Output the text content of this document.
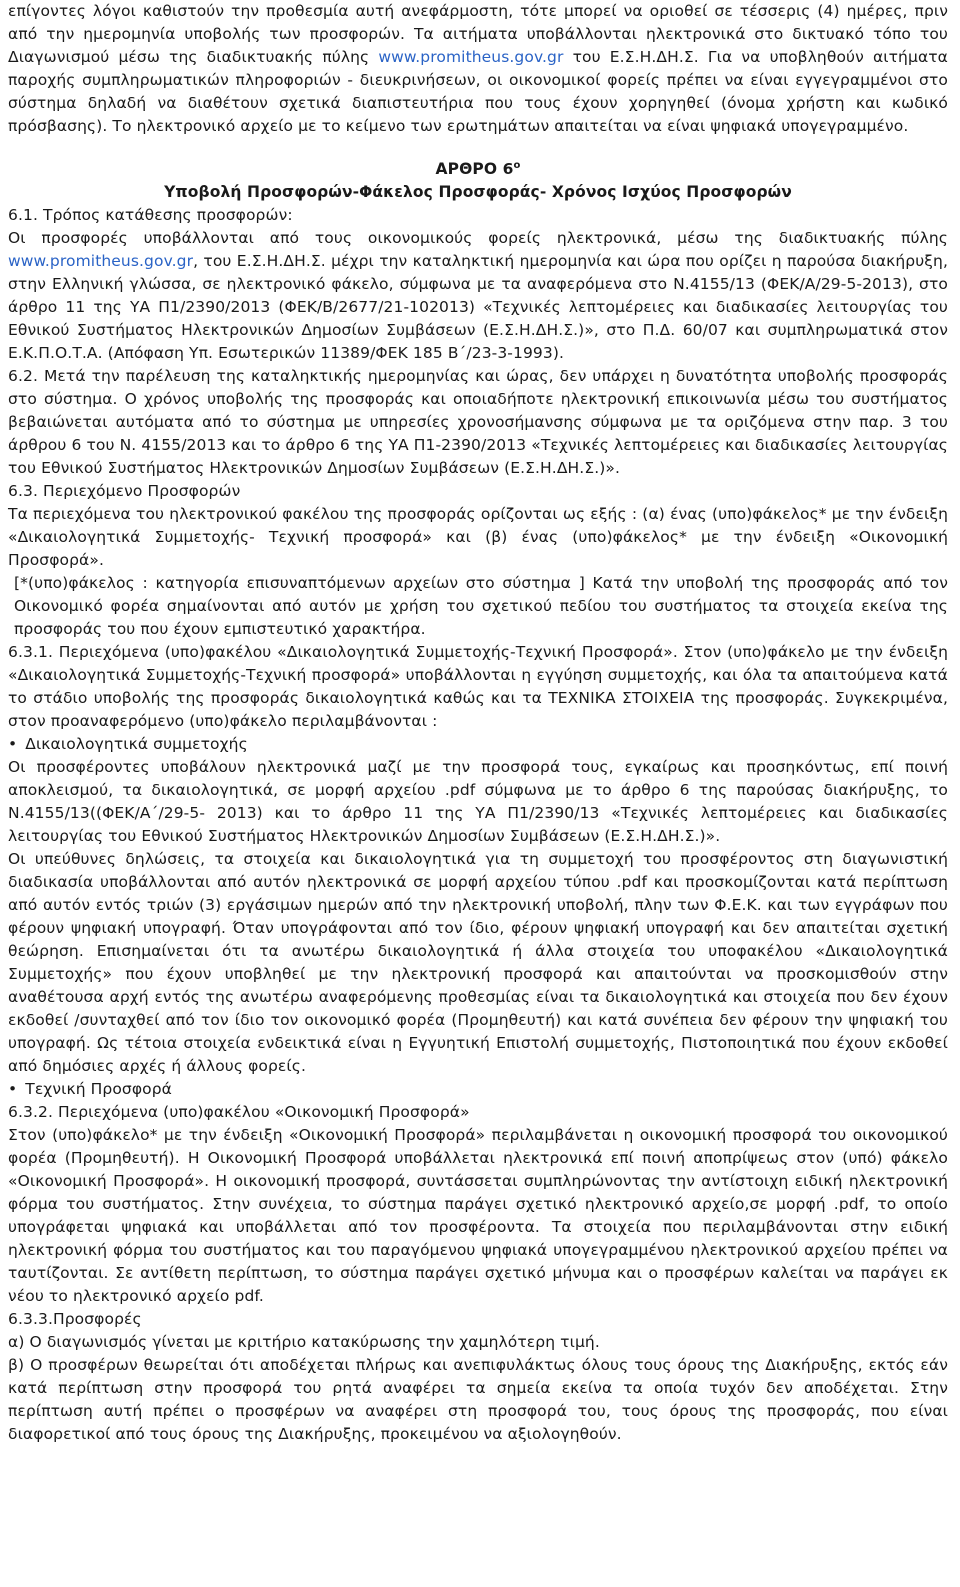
επίγοντες λόγοι καθιστούν την προθεσμία αυτή ανεφάρμοστη, τότε μπορεί να οριοθεί σε τέσσερις (4) ημέρες, πριν από την ημερομηνία υποβολής των προσφορών. Τα αιτήματα υποβάλλονται ηλεκτρονικά στο δικτυακό τόπο του Διαγωνισμού μέσω της διαδικτυακής πύλης www.promitheus.gov.gr του Ε.Σ.Η.ΔΗ.Σ. Για να υποβληθούν αιτήματα παροχής συμπληρωματικών πληροφοριών - διευκρινήσεων, οι οικονομικοί φορείς πρέπει να είναι εγγεγραμμένοι στο σύστημα δηλαδή να διαθέτουν σχετικά διαπιστευτήρια που τους έχουν χορηγηθεί (όνομα χρήστη και κωδικό πρόσβασης). Το ηλεκτρονικό αρχείο με το κείμενο των ερωτημάτων απαιτείται να είναι ψηφιακά υπογεγραμμένο.

ΑΡΘΡΟ $6^o$
Υποβολή Προσφορών-Φάκελος Προσφοράς- Χρόνος Ισχύος Προσφορών

6.1. Τρόπος κατάθεσης προσφορών:

Οι προσφορές υποβάλλονται από τους οικονομικούς φορείς ηλεκτρονικά, μέσω της διαδικτυακής πύλης www.promitheus.gov.gr, του Ε.Σ.Η.ΔΗ.Σ. μέχρι την καταληκτική ημερομηνία και ώρα που ορίζει η παρούσα διακήρυξη, στην Ελληνική γλώσσα, σε ηλεκτρονικό φάκελο, σύμφωνα με τα αναφερόμενα στο Ν.4155/13 (ΦΕΚ/Α/29-5-2013), στο άρθρο 11 της ΥΑ Π1/2390/2013 (ΦΕΚ/Β/2677/21-102013) «Τεχνικές λεπτομέρειες και διαδικασίες λειτουργίας του Εθνικού Συστήματος Ηλεκτρονικών Δημοσίων Συμβάσεων (Ε.Σ.Η.ΔΗ.Σ.)», στο Π.Δ. 60/07 και συμπληρωματικά στον Ε.Κ.Π.Ο.Τ.Α. (Απόφαση Υπ. Εσωτερικών 11389/ΦΕΚ 185 Β΄/23-3-1993).

6.2. Μετά την παρέλευση της καταληκτικής ημερομηνίας και ώρας, δεν υπάρχει η δυνατότητα υποβολής προσφοράς στο σύστημα. Ο χρόνος υποβολής της προσφοράς και οποιαδήποτε ηλεκτρονική επικοινωνία μέσω του συστήματος βεβαιώνεται αυτόματα από το σύστημα με υπηρεσίες χρονοσήμανσης σύμφωνα με τα οριζόμενα στην παρ. 3 του άρθρου 6 του Ν. 4155/2013 και το άρθρο 6 της ΥΑ Π1-2390/2013 «Τεχνικές λεπτομέρειες και διαδικασίες λειτουργίας του Εθνικού Συστήματος Ηλεκτρονικών Δημοσίων Συμβάσεων (Ε.Σ.Η.ΔΗ.Σ.)».

6.3. Περιεχόμενο Προσφορών

Τα περιεχόμενα του ηλεκτρονικού φακέλου της προσφοράς ορίζονται ως εξής : (α) ένας (υπο)φάκελος* με την ένδειξη «Δικαιολογητικά Συμμετοχής- Τεχνική προσφορά» και (β) ένας (υπο)φάκελος* με την ένδειξη «Οικονομική Προσφορά».

[*(υπο)φάκελος : κατηγορία επισυναπτόμενων αρχείων στο σύστημα ] Κατά την υποβολή της προσφοράς από τον Οικονομικό φορέα σημαίνονται από αυτόν με χρήση του σχετικού πεδίου του συστήματος τα στοιχεία εκείνα της προσφοράς του που έχουν εμπιστευτικό χαρακτήρα.

6.3.1. Περιεχόμενα (υπο)φακέλου «Δικαιολογητικά Συμμετοχής-Τεχνική Προσφορά». Στον (υπο)φάκελο με την ένδειξη «Δικαιολογητικά Συμμετοχής-Τεχνική προσφορά» υποβάλλονται η εγγύηση συμμετοχής, και όλα τα απαιτούμενα κατά το στάδιο υποβολής της προσφοράς δικαιολογητικά καθώς και τα ΤΕΧΝΙΚΑ ΣΤΟΙΧΕΙΑ της προσφοράς. Συγκεκριμένα, στον προαναφερόμενο (υπο)φάκελο περιλαμβάνονται :

• Δικαιολογητικά συμμετοχής

Οι προσφέροντες υποβάλουν ηλεκτρονικά μαζί με την προσφορά τους, εγκαίρως και προσηκόντως, επί ποινή αποκλεισμού, τα δικαιολογητικά, σε μορφή αρχείου .pdf σύμφωνα με το άρθρο 6 της παρούσας διακήρυξης, το Ν.4155/13((ΦΕΚ/Α΄/29-5- 2013) και το άρθρο 11 της ΥΑ Π1/2390/13 «Τεχνικές λεπτομέρειες και διαδικασίες λειτουργίας του Εθνικού Συστήματος Ηλεκτρονικών Δημοσίων Συμβάσεων (Ε.Σ.Η.ΔΗ.Σ.)».

Οι υπεύθυνες δηλώσεις, τα στοιχεία και δικαιολογητικά για τη συμμετοχή του προσφέροντος στη διαγωνιστική διαδικασία υποβάλλονται από αυτόν ηλεκτρονικά σε μορφή αρχείου τύπου .pdf και προσκομίζονται κατά περίπτωση από αυτόν εντός τριών (3) εργάσιμων ημερών από την ηλεκτρονική υποβολή, πλην των Φ.Ε.Κ. και των εγγράφων που φέρουν ψηφιακή υπογραφή. Όταν υπογράφονται από τον ίδιο, φέρουν ψηφιακή υπογραφή και δεν απαιτείται σχετική θεώρηση. Επισημαίνεται ότι τα ανωτέρω δικαιολογητικά ή άλλα στοιχεία του υποφακέλου «Δικαιολογητικά Συμμετοχής» που έχουν υποβληθεί με την ηλεκτρονική προσφορά και απαιτούνται να προσκομισθούν στην αναθέτουσα αρχή εντός της ανωτέρω αναφερόμενης προθεσμίας είναι τα δικαιολογητικά και στοιχεία που δεν έχουν εκδοθεί /συνταχθεί από τον ίδιο τον οικονομικό φορέα (Προμηθευτή) και κατά συνέπεια δεν φέρουν την ψηφιακή του υπογραφή. Ως τέτοια στοιχεία ενδεικτικά είναι η Εγγυητική Επιστολή συμμετοχής, Πιστοποιητικά που έχουν εκδοθεί από δημόσιες αρχές ή άλλους φορείς.

• Τεχνική Προσφορά

6.3.2. Περιεχόμενα (υπο)φακέλου «Οικονομική Προσφορά»

Στον (υπο)φάκελο* με την ένδειξη «Οικονομική Προσφορά» περιλαμβάνεται η οικονομική προσφορά του οικονομικού φορέα (Προμηθευτή). Η Οικονομική Προσφορά υποβάλλεται ηλεκτρονικά επί ποινή αποπρίψεως στον (υπό) φάκελο «Οικονομική Προσφορά». Η οικονομική προσφορά, συντάσσεται συμπληρώνοντας την αντίστοιχη ειδική ηλεκτρονική φόρμα του συστήματος. Στην συνέχεια, το σύστημα παράγει σχετικό ηλεκτρονικό αρχείο,σε μορφή .pdf, το οποίο υπογράφεται ψηφιακά και υποβάλλεται από τον προσφέροντα. Τα στοιχεία που περιλαμβάνονται στην ειδική ηλεκτρονική φόρμα του συστήματος και του παραγόμενου ψηφιακά υπογεγραμμένου ηλεκτρονικού αρχείου πρέπει να ταυτίζονται. Σε αντίθετη περίπτωση, το σύστημα παράγει σχετικό μήνυμα και ο προσφέρων καλείται να παράγει εκ νέου το ηλεκτρονικό αρχείο pdf.

6.3.3.Προσφορές

α) Ο διαγωνισμός γίνεται με κριτήριο κατακύρωσης την χαμηλότερη τιμή.

β) Ο προσφέρων θεωρείται ότι αποδέχεται πλήρως και ανεπιφυλάκτως όλους τους όρους της Διακήρυξης, εκτός εάν κατά περίπτωση στην προσφορά του ρητά αναφέρει τα σημεία εκείνα τα οποία τυχόν δεν αποδέχεται. Στην περίπτωση αυτή πρέπει ο προσφέρων να αναφέρει στη προσφορά του, τους όρους της προσφοράς, που είναι διαφορετικοί από τους όρους της Διακήρυξης, προκειμένου να αξιολογηθούν.
